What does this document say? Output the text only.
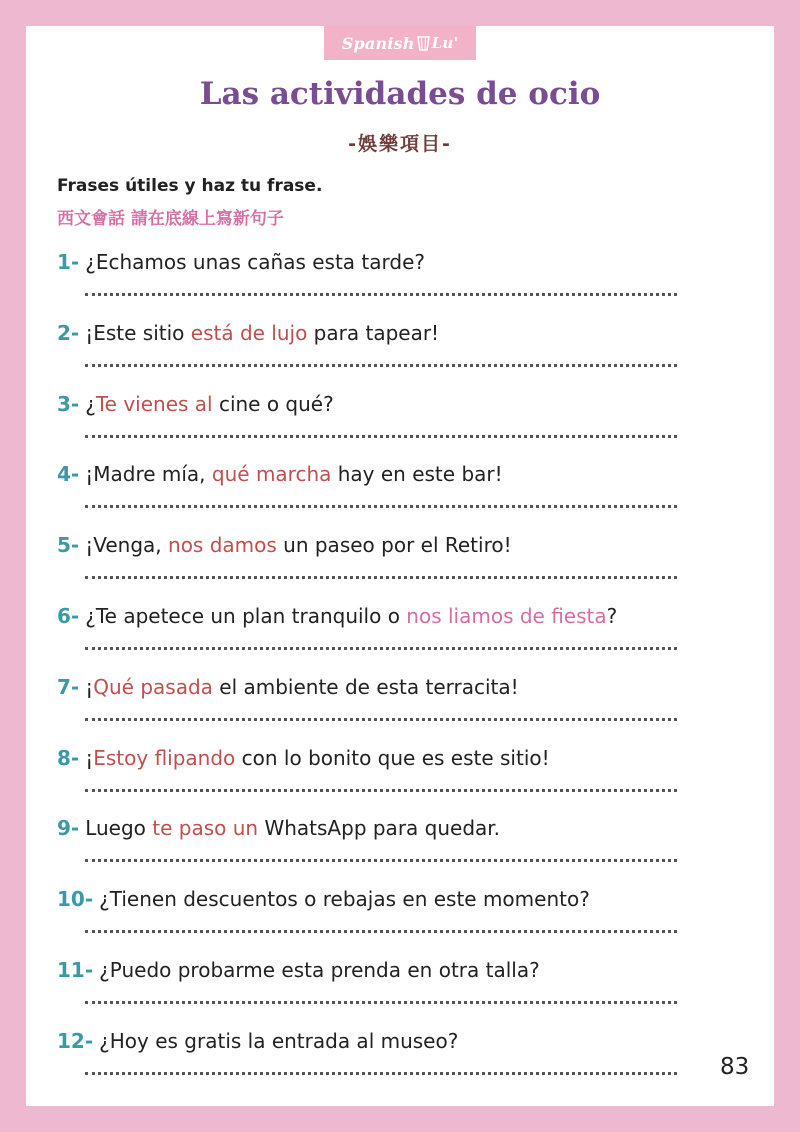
Spanish Lu'
Las actividades de ocio
-娛樂項目-
Frases útiles y haz tu frase.
西文會話 請在底線上寫新句子
1- ¿Echamos unas cañas esta tarde?
2- ¡Este sitio está de lujo para tapear!
3- ¿Te vienes al cine o qué?
4- ¡Madre mía, qué marcha hay en este bar!
5- ¡Venga, nos damos un paseo por el Retiro!
6- ¿Te apetece un plan tranquilo o nos liamos de fiesta?
7- ¡Qué pasada el ambiente de esta terracita!
8- ¡Estoy flipando con lo bonito que es este sitio!
9- Luego te paso un WhatsApp para quedar.
10- ¿Tienen descuentos o rebajas en este momento?
11- ¿Puedo probarme esta prenda en otra talla?
12- ¿Hoy es gratis la entrada al museo?
83
